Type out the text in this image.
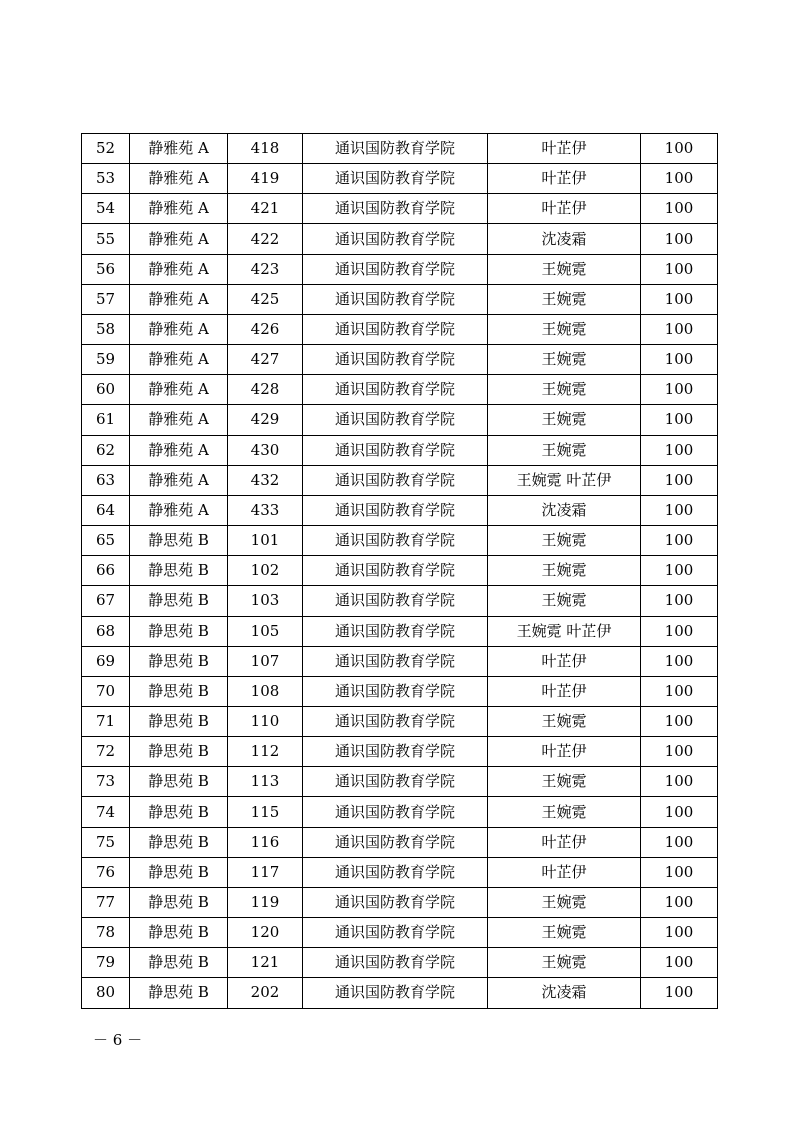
52	静雅苑 A	418	通识国防教育学院	叶芷伊	100
53	静雅苑 A	419	通识国防教育学院	叶芷伊	100
54	静雅苑 A	421	通识国防教育学院	叶芷伊	100
55	静雅苑 A	422	通识国防教育学院	沈凌霜	100
56	静雅苑 A	423	通识国防教育学院	王婉霓	100
57	静雅苑 A	425	通识国防教育学院	王婉霓	100
58	静雅苑 A	426	通识国防教育学院	王婉霓	100
59	静雅苑 A	427	通识国防教育学院	王婉霓	100
60	静雅苑 A	428	通识国防教育学院	王婉霓	100
61	静雅苑 A	429	通识国防教育学院	王婉霓	100
62	静雅苑 A	430	通识国防教育学院	王婉霓	100
63	静雅苑 A	432	通识国防教育学院	王婉霓 叶芷伊	100
64	静雅苑 A	433	通识国防教育学院	沈凌霜	100
65	静思苑 B	101	通识国防教育学院	王婉霓	100
66	静思苑 B	102	通识国防教育学院	王婉霓	100
67	静思苑 B	103	通识国防教育学院	王婉霓	100
68	静思苑 B	105	通识国防教育学院	王婉霓 叶芷伊	100
69	静思苑 B	107	通识国防教育学院	叶芷伊	100
70	静思苑 B	108	通识国防教育学院	叶芷伊	100
71	静思苑 B	110	通识国防教育学院	王婉霓	100
72	静思苑 B	112	通识国防教育学院	叶芷伊	100
73	静思苑 B	113	通识国防教育学院	王婉霓	100
74	静思苑 B	115	通识国防教育学院	王婉霓	100
75	静思苑 B	116	通识国防教育学院	叶芷伊	100
76	静思苑 B	117	通识国防教育学院	叶芷伊	100
77	静思苑 B	119	通识国防教育学院	王婉霓	100
78	静思苑 B	120	通识国防教育学院	王婉霓	100
79	静思苑 B	121	通识国防教育学院	王婉霓	100
80	静思苑 B	202	通识国防教育学院	沈凌霜	100
－ 6 －
